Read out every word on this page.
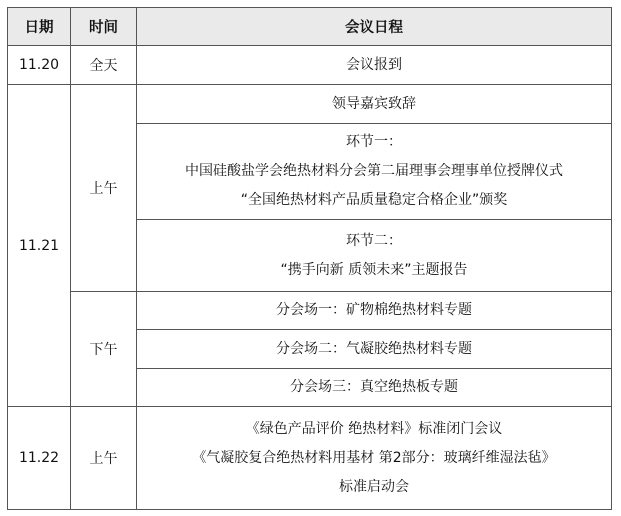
日期	时间	会议日程
11.20	全天	会议报到
11.21	上午	领导嘉宾致辞

		环节一：
中国硅酸盐学会绝热材料分会第二届理事会理事单位授牌仪式
“全国绝热材料产品质量稳定合格企业”颁奖

		环节二：
“携手向新 质领未来”主题报告

	下午	分会场一：矿物棉绝热材料专题

		分会场二：气凝胶绝热材料专题

		分会场三：真空绝热板专题

11.22	上午	《绿色产品评价 绝热材料》标准闭门会议
《气凝胶复合绝热材料用基材 第2部分：玻璃纤维湿法毡》
标准启动会
